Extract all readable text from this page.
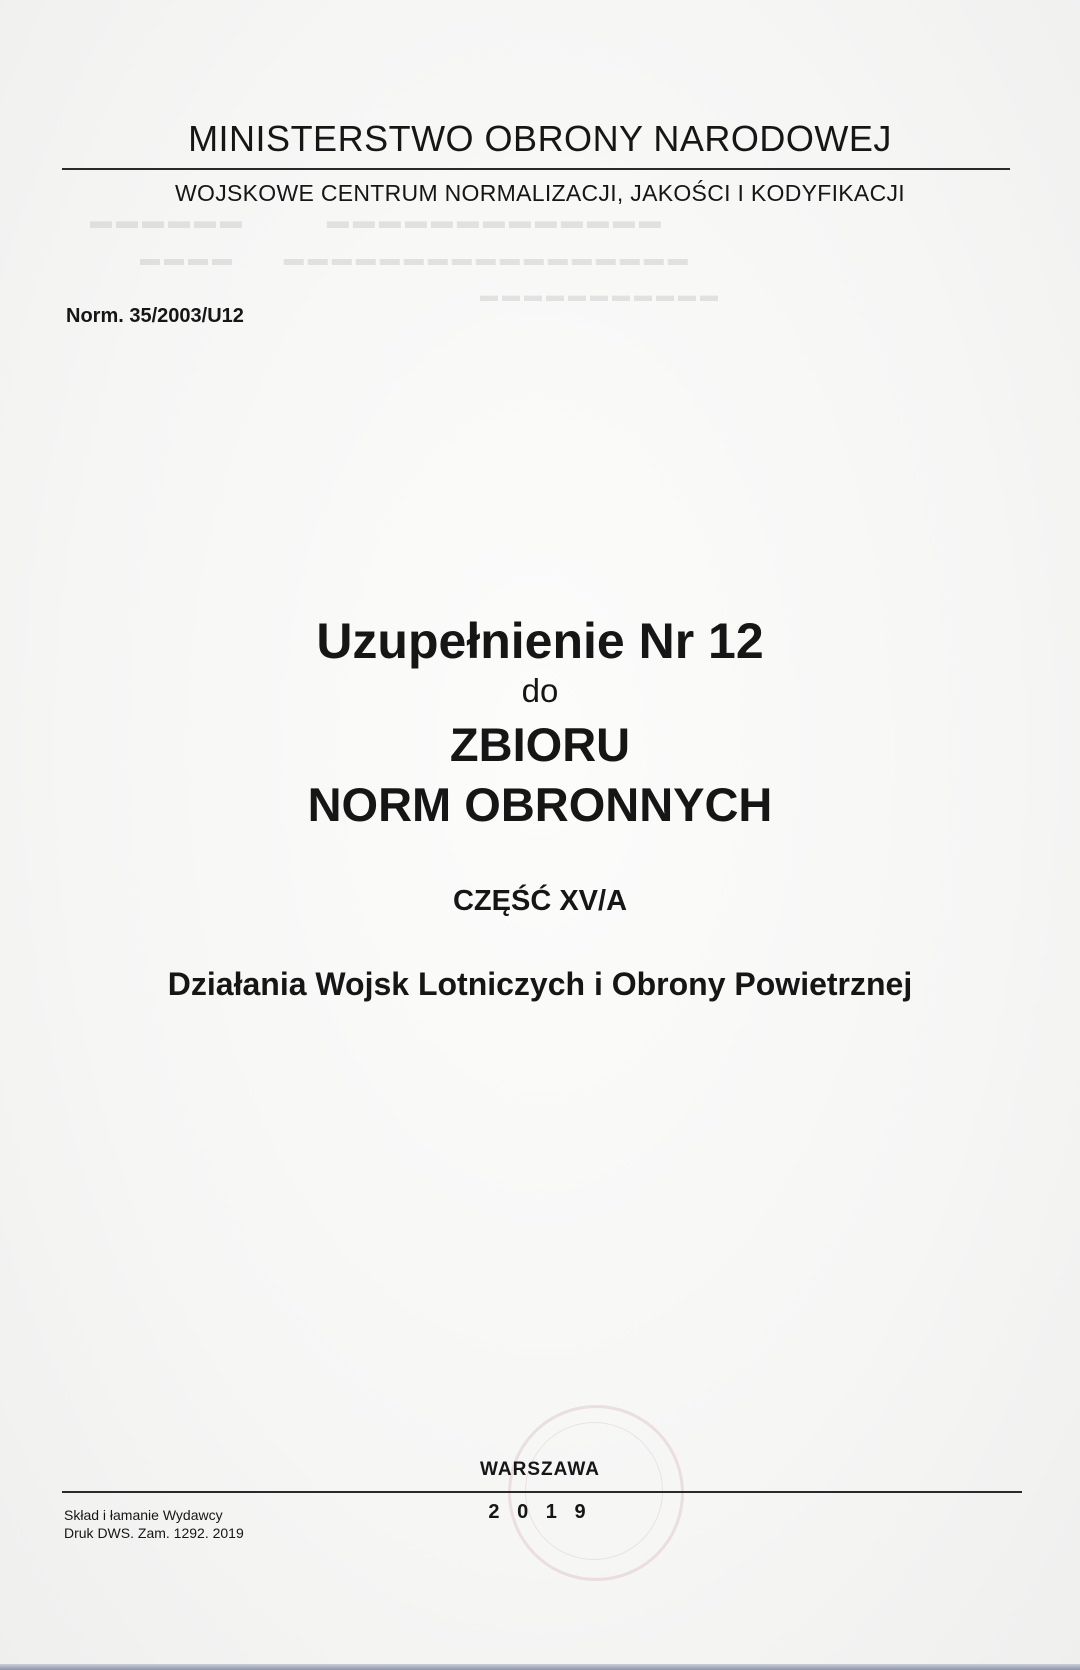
▬▬▬▬▬▬        ▬▬▬▬▬▬▬▬▬▬▬▬▬
▬▬▬▬     ▬▬▬▬▬▬▬▬▬▬▬▬▬▬▬▬▬
▬▬▬▬▬▬▬▬▬▬▬
MINISTERSTWO OBRONY NARODOWEJ
WOJSKOWE CENTRUM NORMALIZACJI, JAKOŚCI I KODYFIKACJI
Norm. 35/2003/U12
Uzupełnienie Nr 12
do
ZBIORU
NORM OBRONNYCH
CZĘŚĆ XV/A
Działania Wojsk Lotniczych i Obrony Powietrznej
WARSZAWA
2 0 1 9
Skład i łamanie Wydawcy
Druk DWS. Zam. 1292. 2019
